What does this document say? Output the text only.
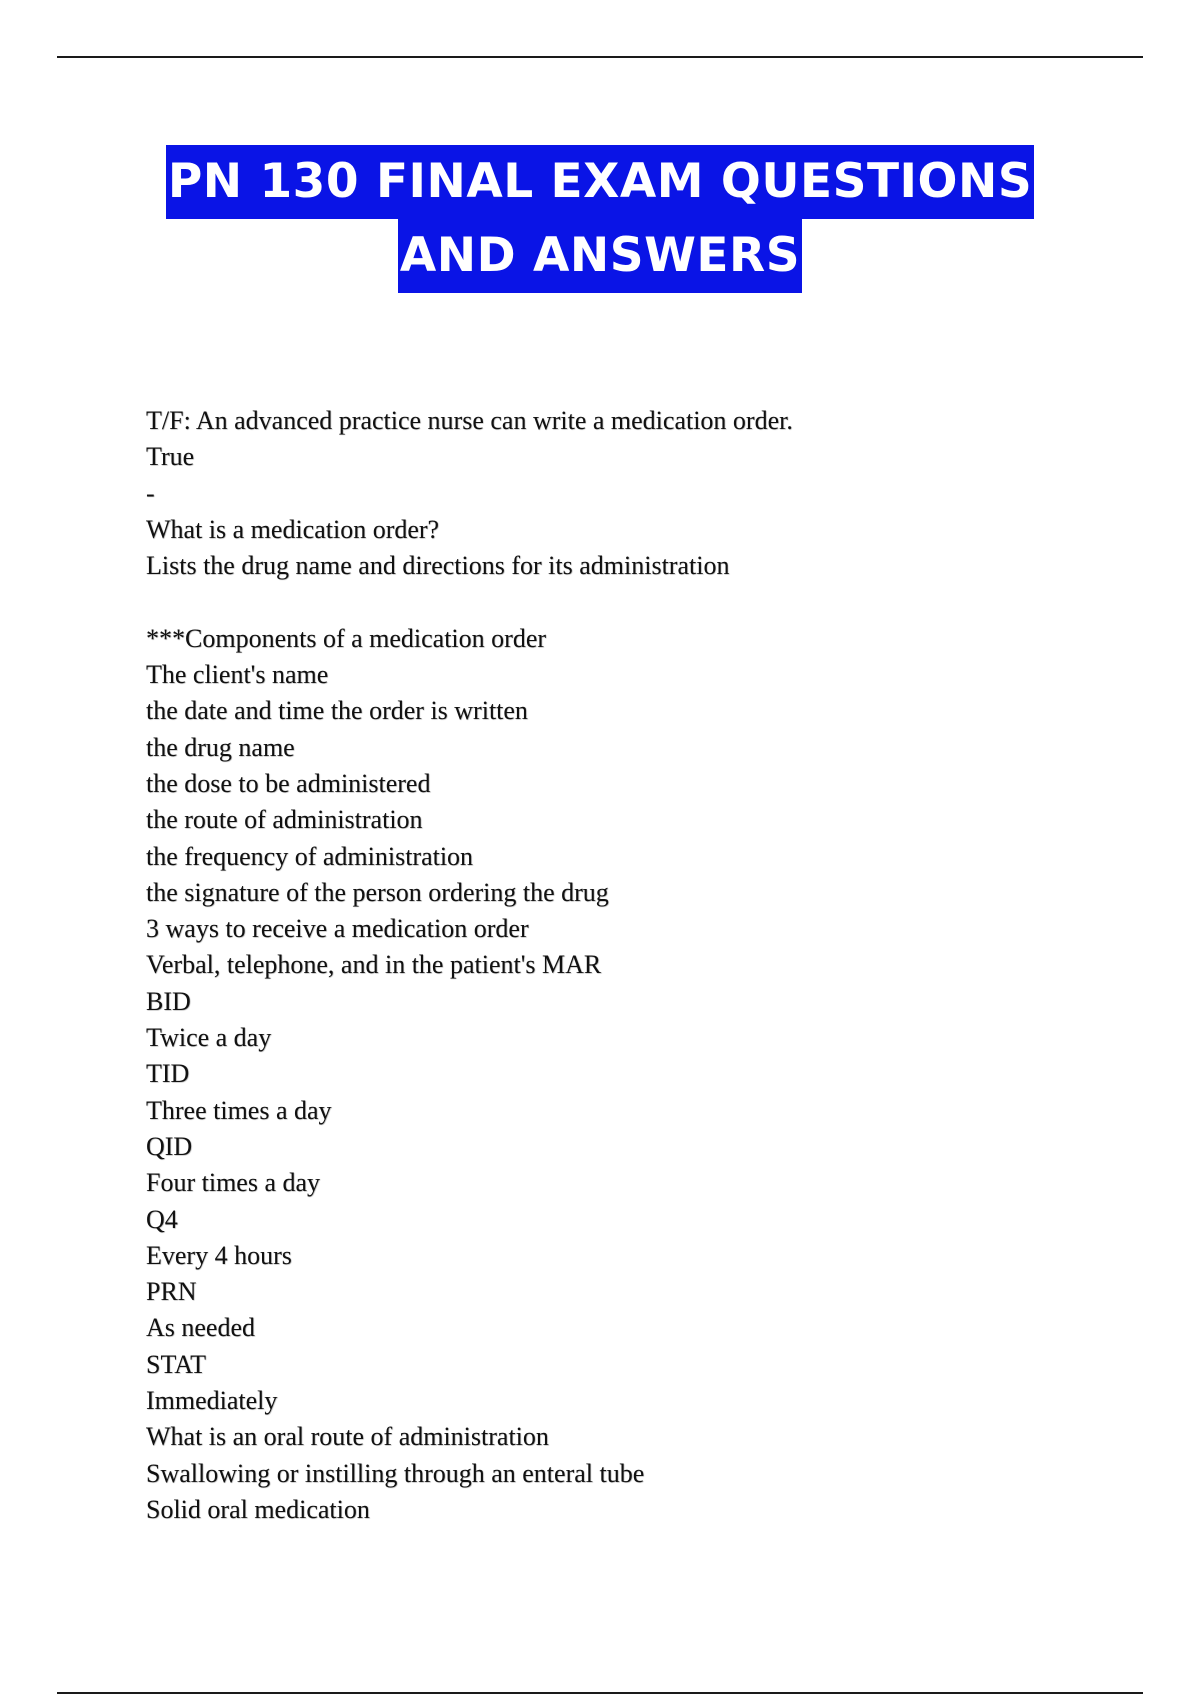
PN 130 FINAL EXAM QUESTIONS
AND ANSWERS
T/F: An advanced practice nurse can write a medication order.
True
-
What is a medication order?
Lists the drug name and directions for its administration
***Components of a medication order
The client's name
the date and time the order is written
the drug name
the dose to be administered
the route of administration
the frequency of administration
the signature of the person ordering the drug
3 ways to receive a medication order
Verbal, telephone, and in the patient's MAR
BID
Twice a day
TID
Three times a day
QID
Four times a day
Q4
Every 4 hours
PRN
As needed
STAT
Immediately
What is an oral route of administration
Swallowing or instilling through an enteral tube
Solid oral medication
